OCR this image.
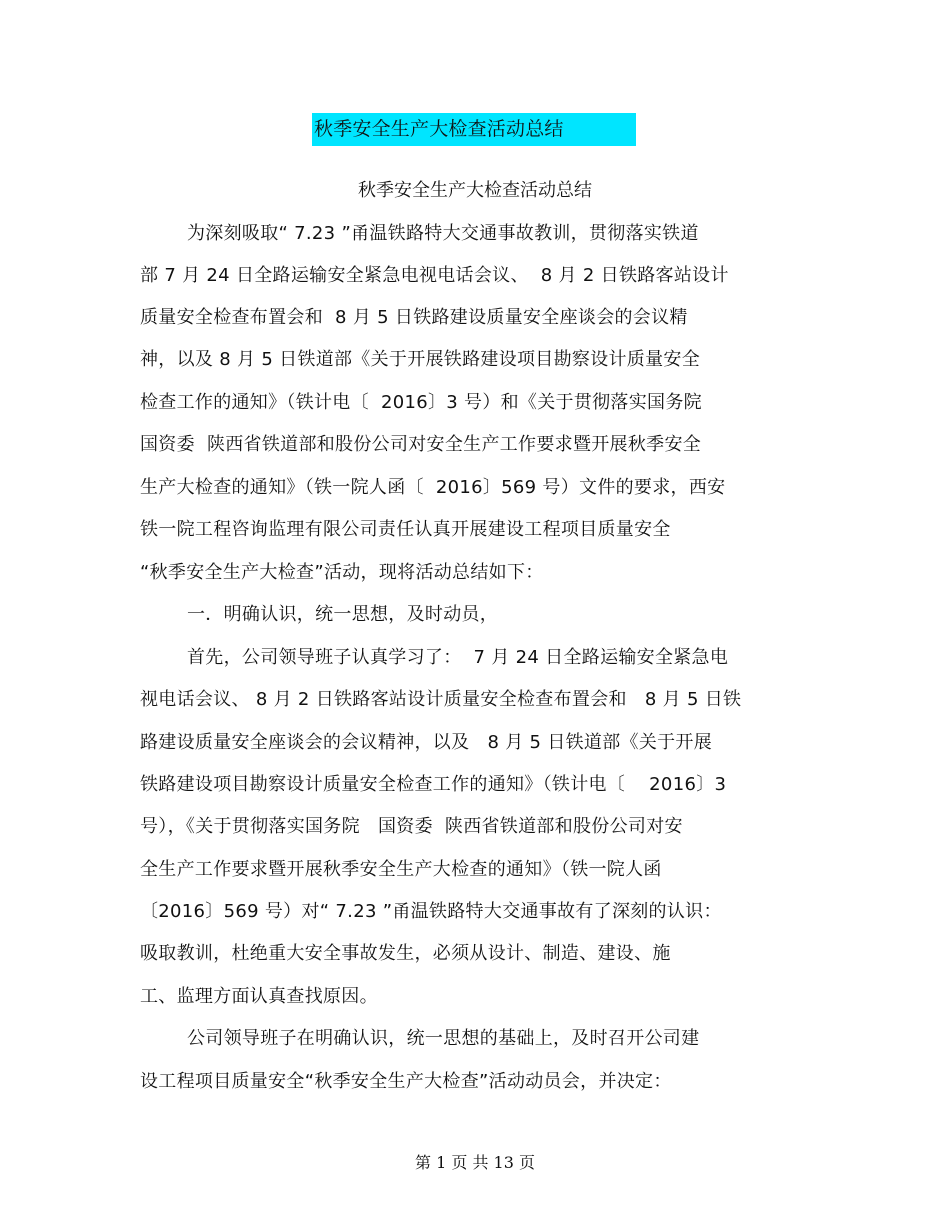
秋季安全生产大检查活动总结
秋季安全生产大检查活动总结
为深刻吸取“ 7.23 ”甬温铁路特大交通事故教训，贯彻落实铁道
部 7 月 24 日全路运输安全紧急电视电话会议、  8 月 2 日铁路客站设计
质量安全检查布置会和  8 月 5 日铁路建设质量安全座谈会的会议精
神，以及 8 月 5 日铁道部《关于开展铁路建设项目勘察设计质量安全
检查工作的通知》（铁计电〔  2016〕3 号）和《关于贯彻落实国务院
国资委  陕西省铁道部和股份公司对安全生产工作要求暨开展秋季安全
生产大检查的通知》（铁一院人函〔  2016〕569 号）文件的要求，西安
铁一院工程咨询监理有限公司责任认真开展建设工程项目质量安全
“秋季安全生产大检查”活动，现将活动总结如下：
一．明确认识，统一思想，及时动员，
首先，公司领导班子认真学习了：  7 月 24 日全路运输安全紧急电
视电话会议、 8 月 2 日铁路客站设计质量安全检查布置会和   8 月 5 日铁
路建设质量安全座谈会的会议精神，以及   8 月 5 日铁道部《关于开展
铁路建设项目勘察设计质量安全检查工作的通知》（铁计电〔    2016〕3
号），《关于贯彻落实国务院   国资委  陕西省铁道部和股份公司对安
全生产工作要求暨开展秋季安全生产大检查的通知》（铁一院人函
〔2016〕569 号）对“ 7.23 ”甬温铁路特大交通事故有了深刻的认识：
吸取教训，杜绝重大安全事故发生，必须从设计、制造、建设、施
工、监理方面认真查找原因。
公司领导班子在明确认识，统一思想的基础上，及时召开公司建
设工程项目质量安全“秋季安全生产大检查”活动动员会，并决定：
第 1 页 共 13 页
